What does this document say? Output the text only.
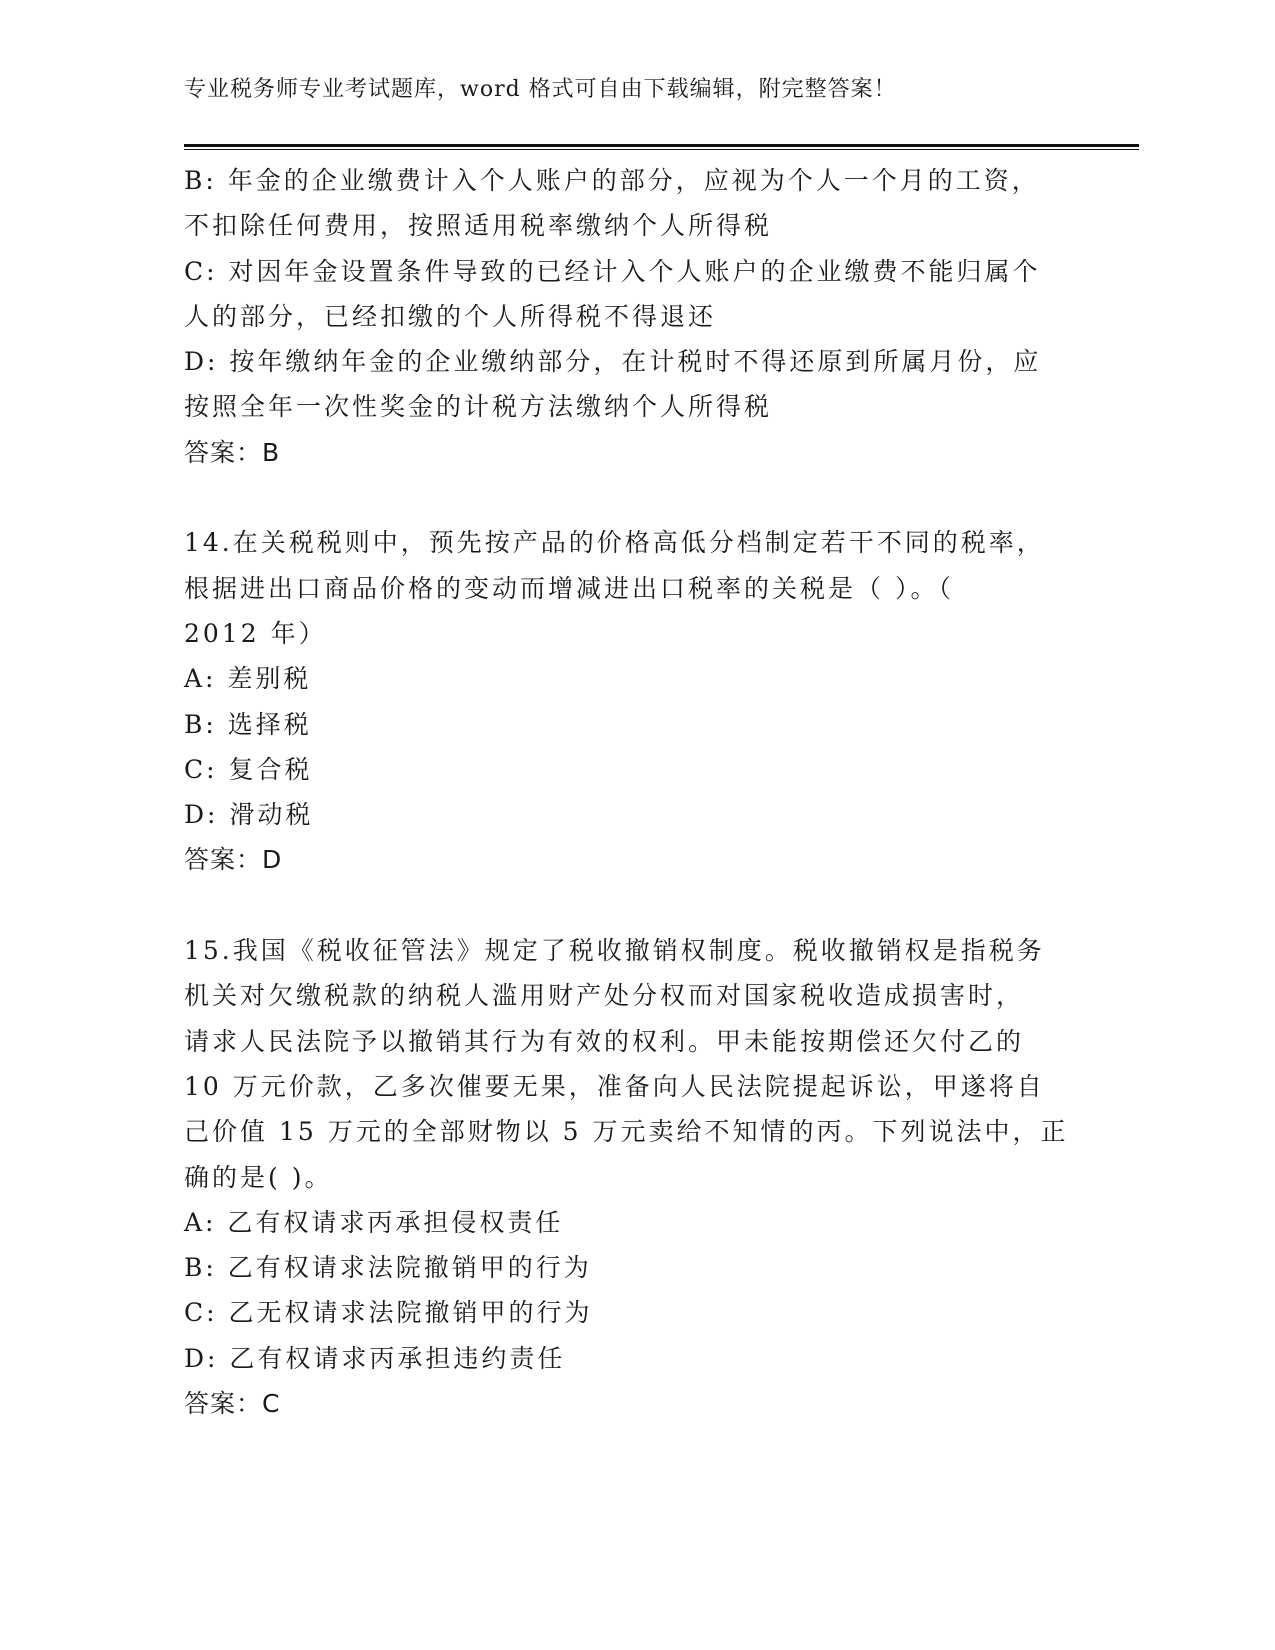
专业税务师专业考试题库，word 格式可自由下载编辑，附完整答案！
B: 年金的企业缴费计入个人账户的部分，应视为个人一个月的工资，
不扣除任何费用，按照适用税率缴纳个人所得税
C: 对因年金设置条件导致的已经计入个人账户的企业缴费不能归属个
人的部分，已经扣缴的个人所得税不得退还
D: 按年缴纳年金的企业缴纳部分，在计税时不得还原到所属月份，应
按照全年一次性奖金的计税方法缴纳个人所得税
答案：B
14.在关税税则中，预先按产品的价格高低分档制定若干不同的税率，
根据进出口商品价格的变动而增减进出口税率的关税是（ ）。（
2012 年）
A: 差别税
B: 选择税
C: 复合税
D: 滑动税
答案：D
15.我国《税收征管法》规定了税收撤销权制度。税收撤销权是指税务
机关对欠缴税款的纳税人滥用财产处分权而对国家税收造成损害时，
请求人民法院予以撤销其行为有效的权利。甲未能按期偿还欠付乙的
10 万元价款，乙多次催要无果，准备向人民法院提起诉讼，甲遂将自
己价值 15 万元的全部财物以 5 万元卖给不知情的丙。下列说法中，正
确的是( )。
A: 乙有权请求丙承担侵权责任
B: 乙有权请求法院撤销甲的行为
C: 乙无权请求法院撤销甲的行为
D: 乙有权请求丙承担违约责任
答案：C
